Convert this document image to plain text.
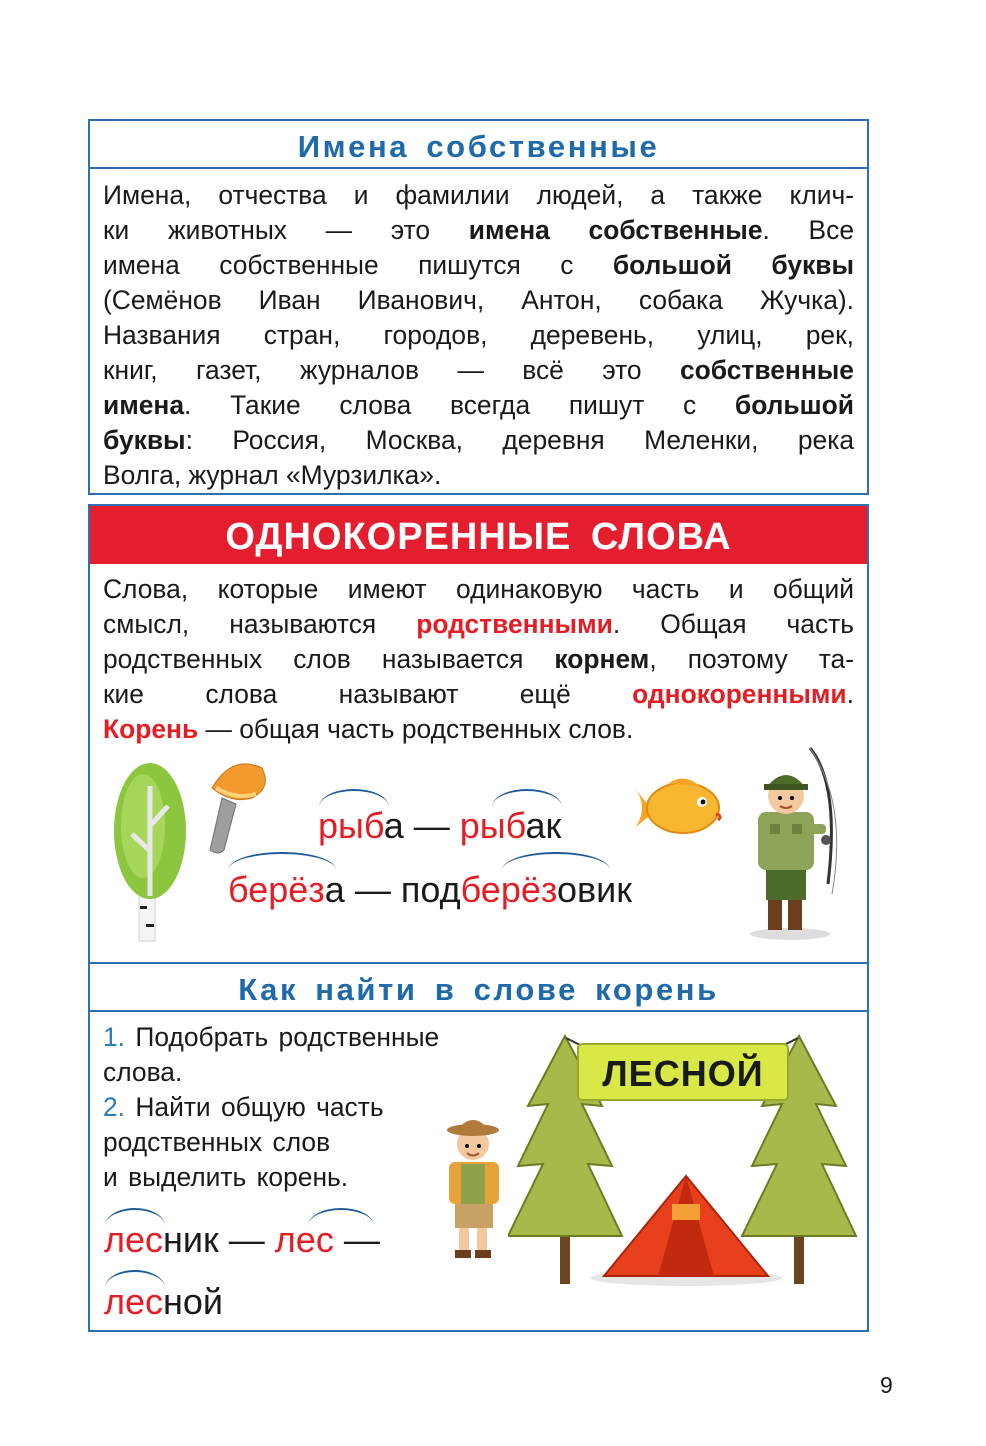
Имена собственные
Имена, отчества и фамилии людей, а также клич-
ки животных — это имена собственные. Все
имена собственные пишутся с большой буквы
(Семёнов Иван Иванович, Антон, собака Жучка).
Названия стран, городов, деревень, улиц, рек,
книг, газет, журналов — всё это собственные
имена. Такие слова всегда пишут с большой
буквы: Россия, Москва, деревня Меленки, река
Волга, журнал «Мурзилка».
ОДНОКОРЕННЫЕ СЛОВА
Слова, которые имеют одинаковую часть и общий
смысл, называются родственными. Общая часть
родственных слов называется корнем, поэтому та-
кие слова называют ещё однокоренными.
Корень — общая часть родственных слов.
рыба — рыбак
берёза — подберёзовик
Как найти в слове корень
1. Подобрать родственные
слова.
2. Найти общую часть
родственных слов
и выделить корень.
лесник — лес —
лесной
ЛЕСНОЙ
9
